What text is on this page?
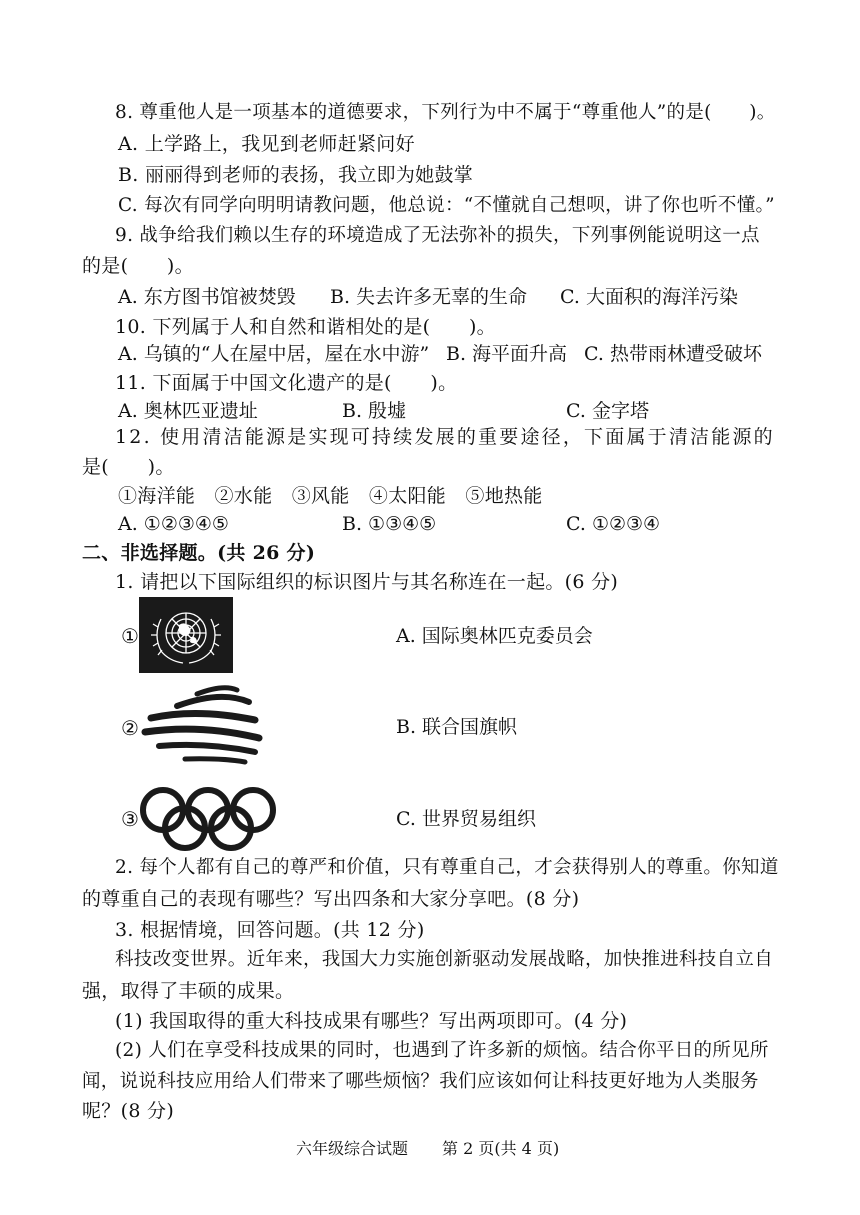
8. 尊重他人是一项基本的道德要求，下列行为中不属于“尊重他人”的是(　　)。
A. 上学路上，我见到老师赶紧问好
B. 丽丽得到老师的表扬，我立即为她鼓掌
C. 每次有同学向明明请教问题，他总说：“不懂就自己想呗，讲了你也听不懂。”
9. 战争给我们赖以生存的环境造成了无法弥补的损失，下列事例能说明这一点
的是(　　)。
A. 东方图书馆被焚毁 B. 失去许多无辜的生命 C. 大面积的海洋污染
10. 下列属于人和自然和谐相处的是(　　)。
A. 乌镇的“人在屋中居，屋在水中游” B. 海平面升高 C. 热带雨林遭受破坏
11. 下面属于中国文化遗产的是(　　)。
A. 奥林匹亚遗址	B. 殷墟	C. 金字塔
12. 使用清洁能源是实现可持续发展的重要途径，下面属于清洁能源的
是(　　)。
①海洋能　②水能　③风能　④太阳能　⑤地热能
A. ①②③④⑤	B. ①③④⑤	C. ①②③④
二、非选择题。(共 26 分)
1. 请把以下国际组织的标识图片与其名称连在一起。(6 分)
①	A. 国际奥林匹克委员会
②	B. 联合国旗帜
③	C. 世界贸易组织
2. 每个人都有自己的尊严和价值，只有尊重自己，才会获得别人的尊重。你知道
的尊重自己的表现有哪些？写出四条和大家分享吧。(8 分)
3. 根据情境，回答问题。(共 12 分)
科技改变世界。近年来，我国大力实施创新驱动发展战略，加快推进科技自立自
强，取得了丰硕的成果。
(1) 我国取得的重大科技成果有哪些？写出两项即可。(4 分)
(2) 人们在享受科技成果的同时，也遇到了许多新的烦恼。结合你平日的所见所
闻，说说科技应用给人们带来了哪些烦恼？我们应该如何让科技更好地为人类服务
呢？(8 分)
六年级综合试题 第 2 页(共 4 页)
